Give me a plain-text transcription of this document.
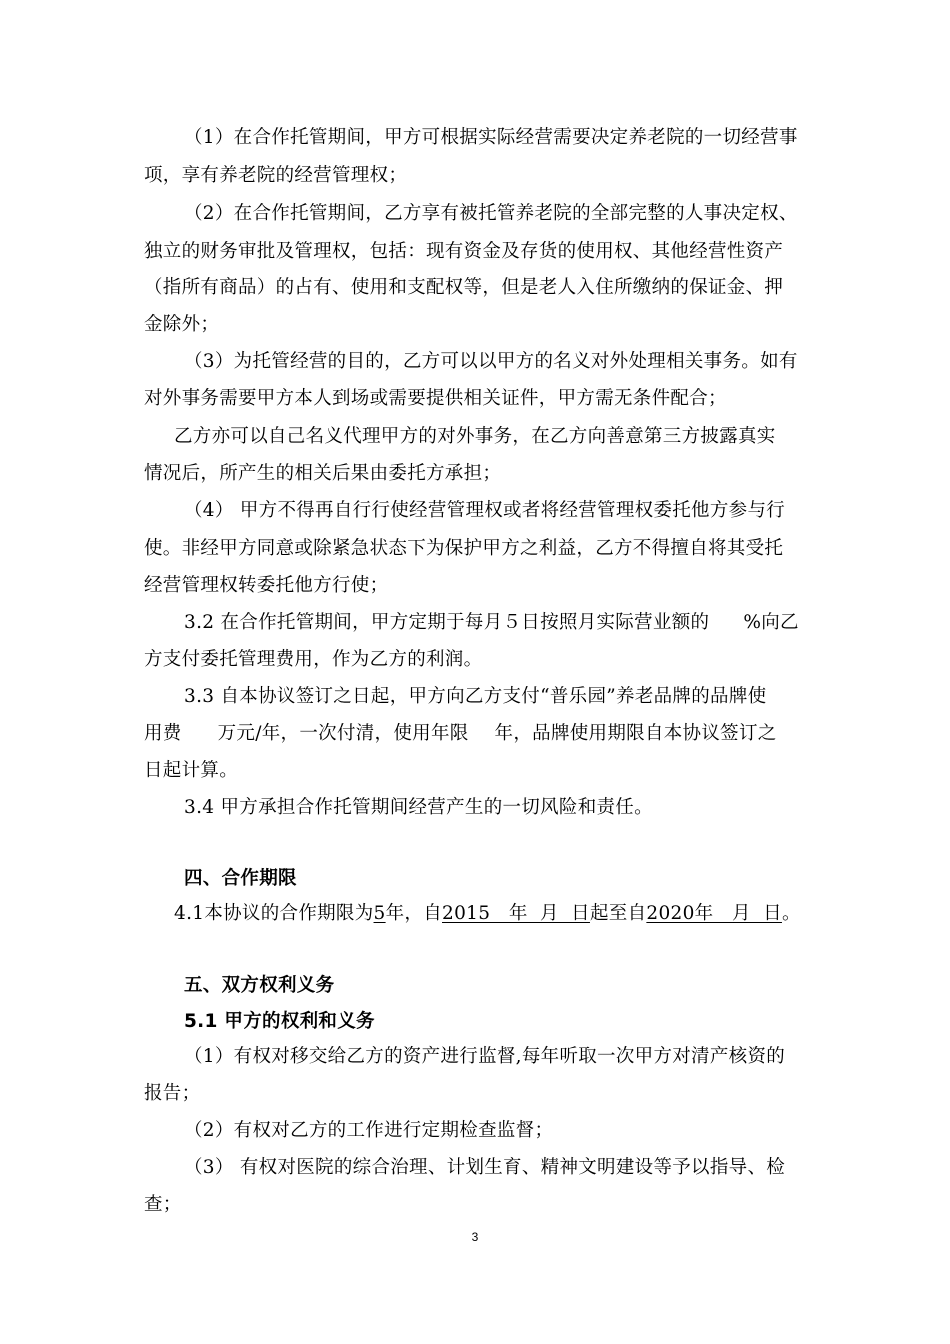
（1）在合作托管期间，甲方可根据实际经营需要决定养老院的一切经营事
项，享有养老院的经营管理权；
（2）在合作托管期间，乙方享有被托管养老院的全部完整的人事决定权、
独立的财务审批及管理权，包括：现有资金及存货的使用权、其他经营性资产
（指所有商品）的占有、使用和支配权等，但是老人入住所缴纳的保证金、押
金除外；
（3）为托管经营的目的，乙方可以以甲方的名义对外处理相关事务。如有
对外事务需要甲方本人到场或需要提供相关证件，甲方需无条件配合；
乙方亦可以自己名义代理甲方的对外事务，在乙方向善意第三方披露真实
情况后，所产生的相关后果由委托方承担；
（4） 甲方不得再自行行使经营管理权或者将经营管理权委托他方参与行
使。非经甲方同意或除紧急状态下为保护甲方之利益，乙方不得擅自将其受托
经营管理权转委托他方行使；
3.2 在合作托管期间，甲方定期于每月５日按照月实际营业额的 %向乙
方支付委托管理费用，作为乙方的利润。
3.3 自本协议签订之日起，甲方向乙方支付“普乐园”养老品牌的品牌使
用费 万元/年，一次付清，使用年限 年，品牌使用期限自本协议签订之
日起计算。
3.4 甲方承担合作托管期间经营产生的一切风险和责任。
四、合作期限
4.1本协议的合作期限为5年，自2015   年  月  日起至自2020年   月  日。
五、双方权利义务
5.1 甲方的权利和义务
（1）有权对移交给乙方的资产进行监督,每年听取一次甲方对清产核资的
报告；
（2）有权对乙方的工作进行定期检查监督；
（3） 有权对医院的综合治理、计划生育、精神文明建设等予以指导、检
查；
3
